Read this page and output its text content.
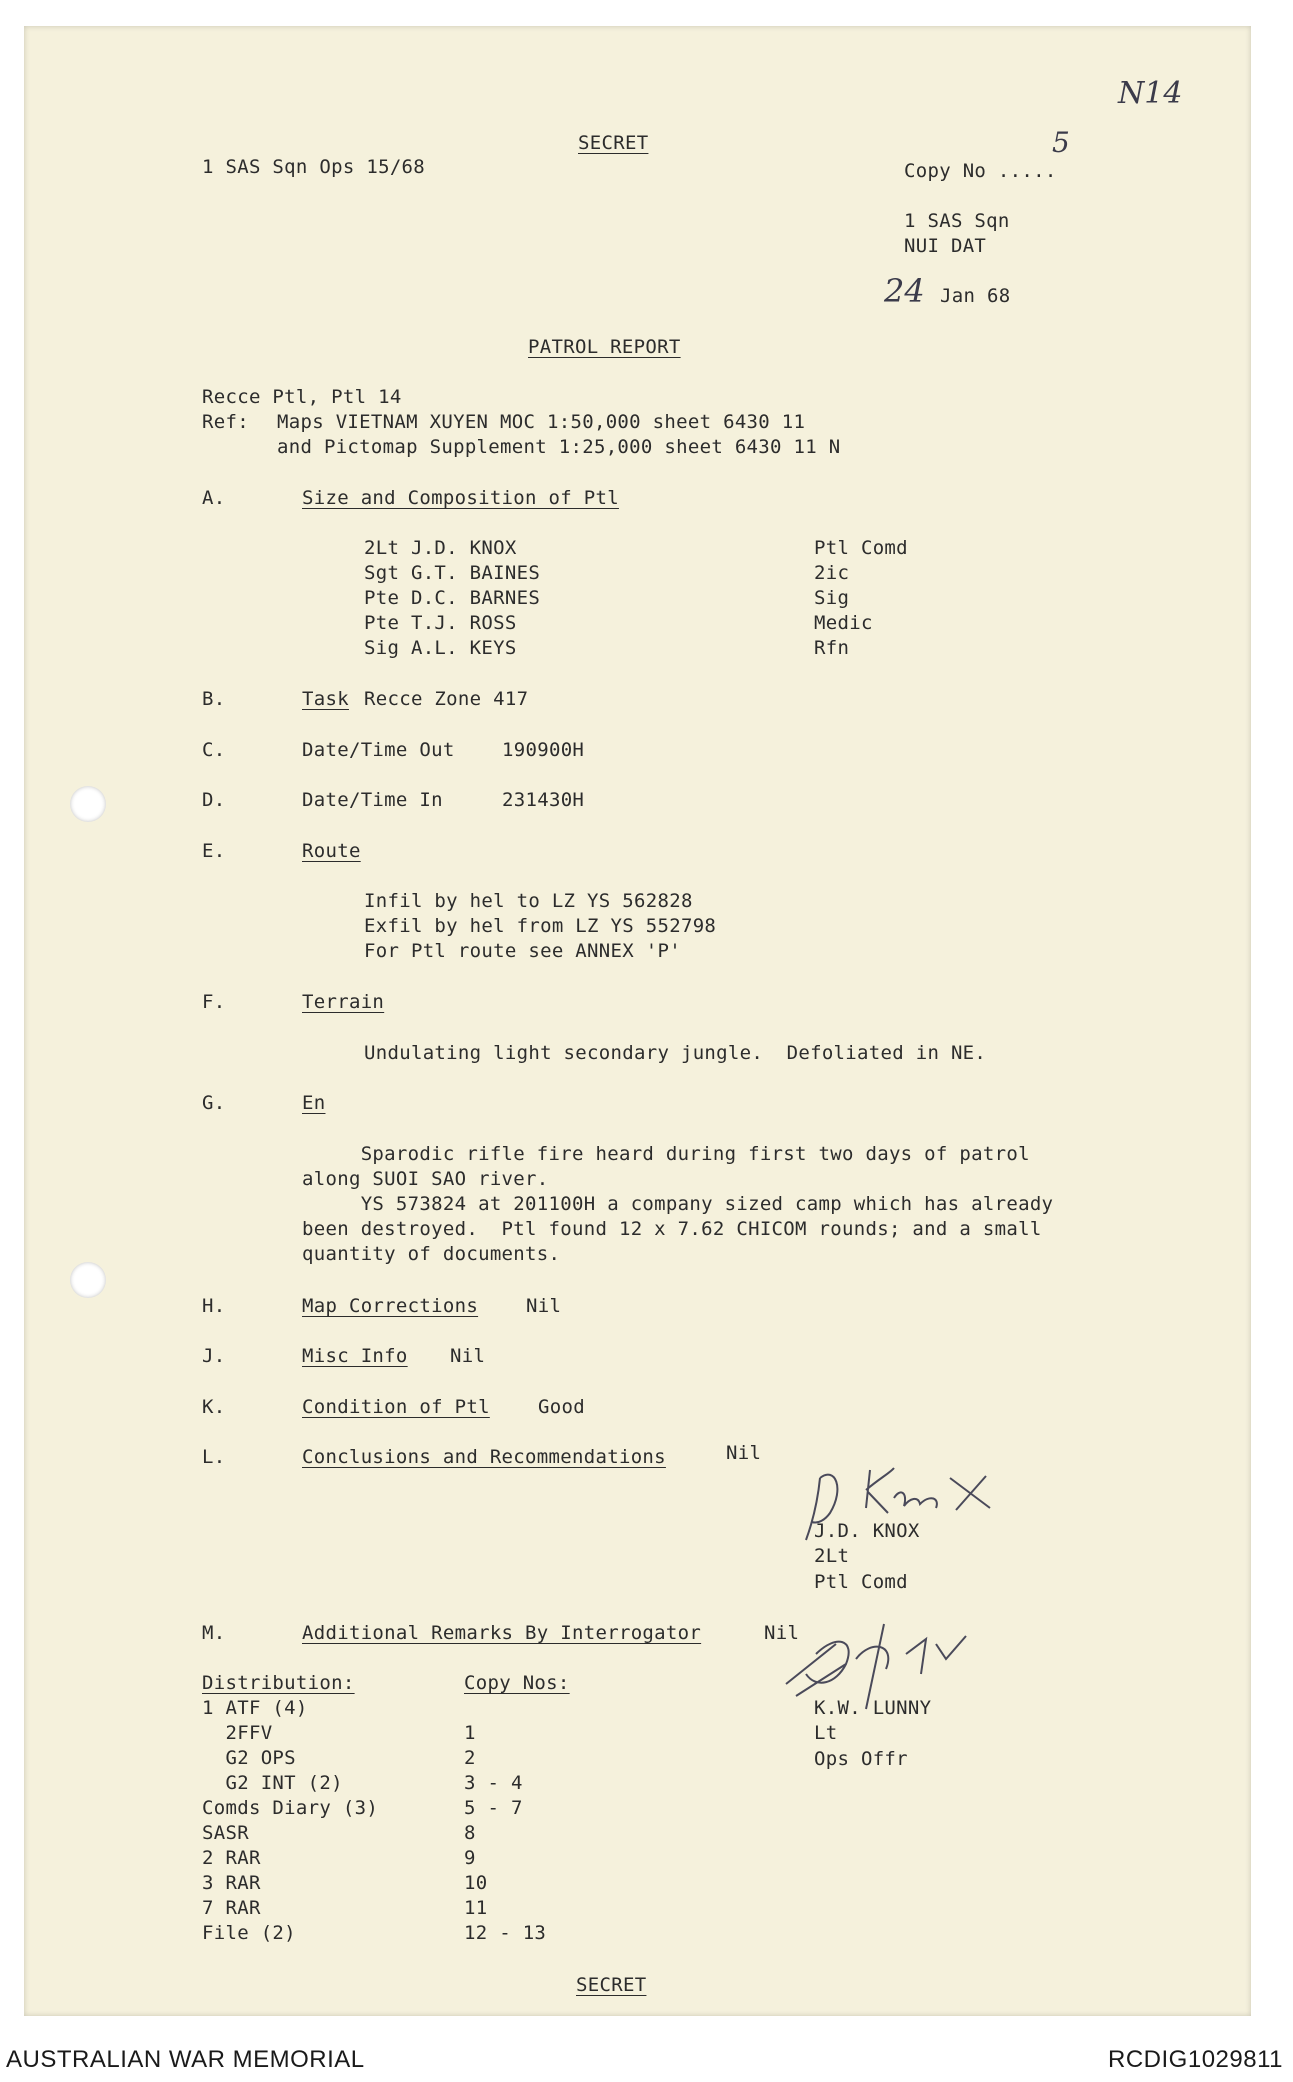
N14
5
24
1 SAS Sqn Ops 15/68
SECRET
Copy No .....
1 SAS Sqn
NUI DAT
Jan 68
PATROL REPORT
Recce Ptl, Ptl 14
Ref: Maps VIETNAM XUYEN MOC 1:50,000 sheet 6430 11
and Pictomap Supplement 1:25,000 sheet 6430 11 N
A.	Size and Composition of Ptl
2Lt J.D. KNOX	Ptl Comd
Sgt G.T. BAINES	2ic
Pte D.C. BARNES	Sig
Pte T.J. ROSS	Medic
Sig A.L. KEYS	Rfn
B.	Task Recce Zone 417
C.	Date/Time Out 190900H
D.	Date/Time In	231430H
E.	Route
Infil by hel to LZ YS 562828
Exfil by hel from LZ YS 552798
For Ptl route see ANNEX 'P'
F.	Terrain
Undulating light secondary jungle.  Defoliated in NE.
G.	En
Sparodic rifle fire heard during first two days of patrol
along SUOI SAO river.
YS 573824 at 201100H a company sized camp which has already
been destroyed.  Ptl found 12 x 7.62 CHICOM rounds; and a small
quantity of documents.
H.	Map Corrections	Nil
J.	Misc Info Nil
K.	Condition of Ptl	Good
L.	Conclusions and Recommendations	Nil
J.D. KNOX
2Lt
Ptl Comd
M.	Additional Remarks By Interrogator	Nil
K.W. LUNNY
Lt
Ops Offr
Distribution:	Copy Nos:
1 ATF (4)
2FFV	1
G2 OPS	2
G2 INT (2)	3 - 4
Comds Diary (3)	5 - 7
SASR	8
2 RAR	9
3 RAR	10
7 RAR	11
File (2)	12 - 13
SECRET
AUSTRALIAN WAR MEMORIAL	RCDIG1029811
